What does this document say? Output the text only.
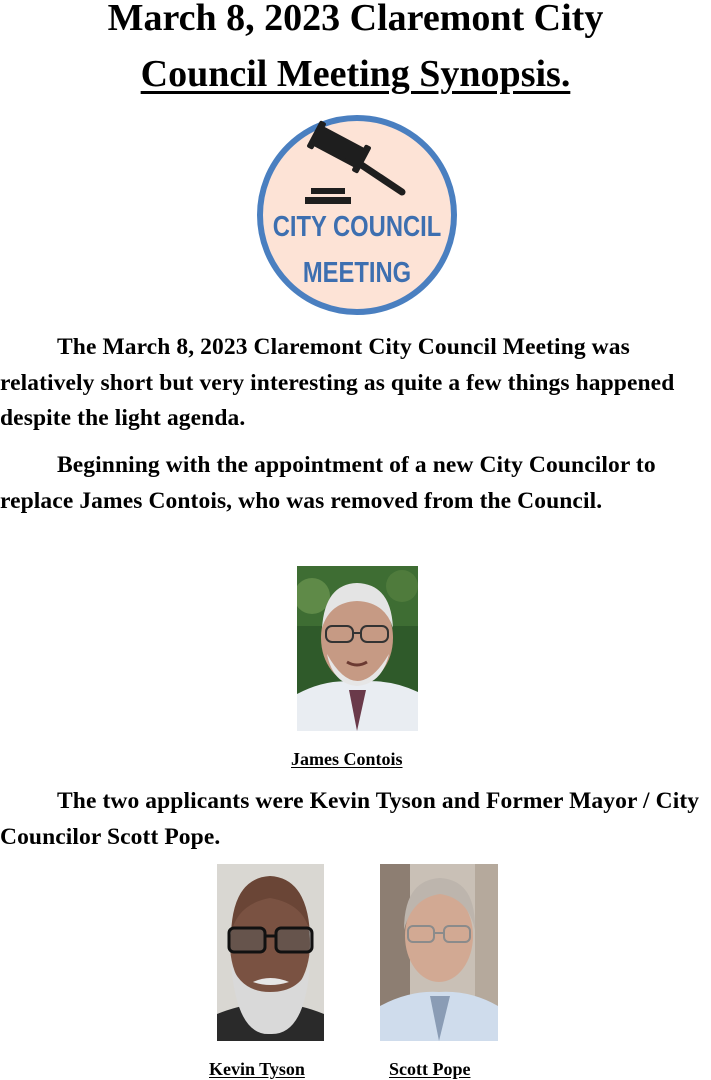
March 8, 2023 Claremont City
Council Meeting Synopsis.
CITY COUNCIL
MEETING

The March 8, 2023 Claremont City Council Meeting was relatively short but very interesting as quite a few things happened despite the light agenda.

Beginning with the appointment of a new City Councilor to replace James Contois, who was removed from the Council.

James Contois

The two applicants were Kevin Tyson and Former Mayor / City Councilor Scott Pope.

Kevin Tyson	Scott Pope
